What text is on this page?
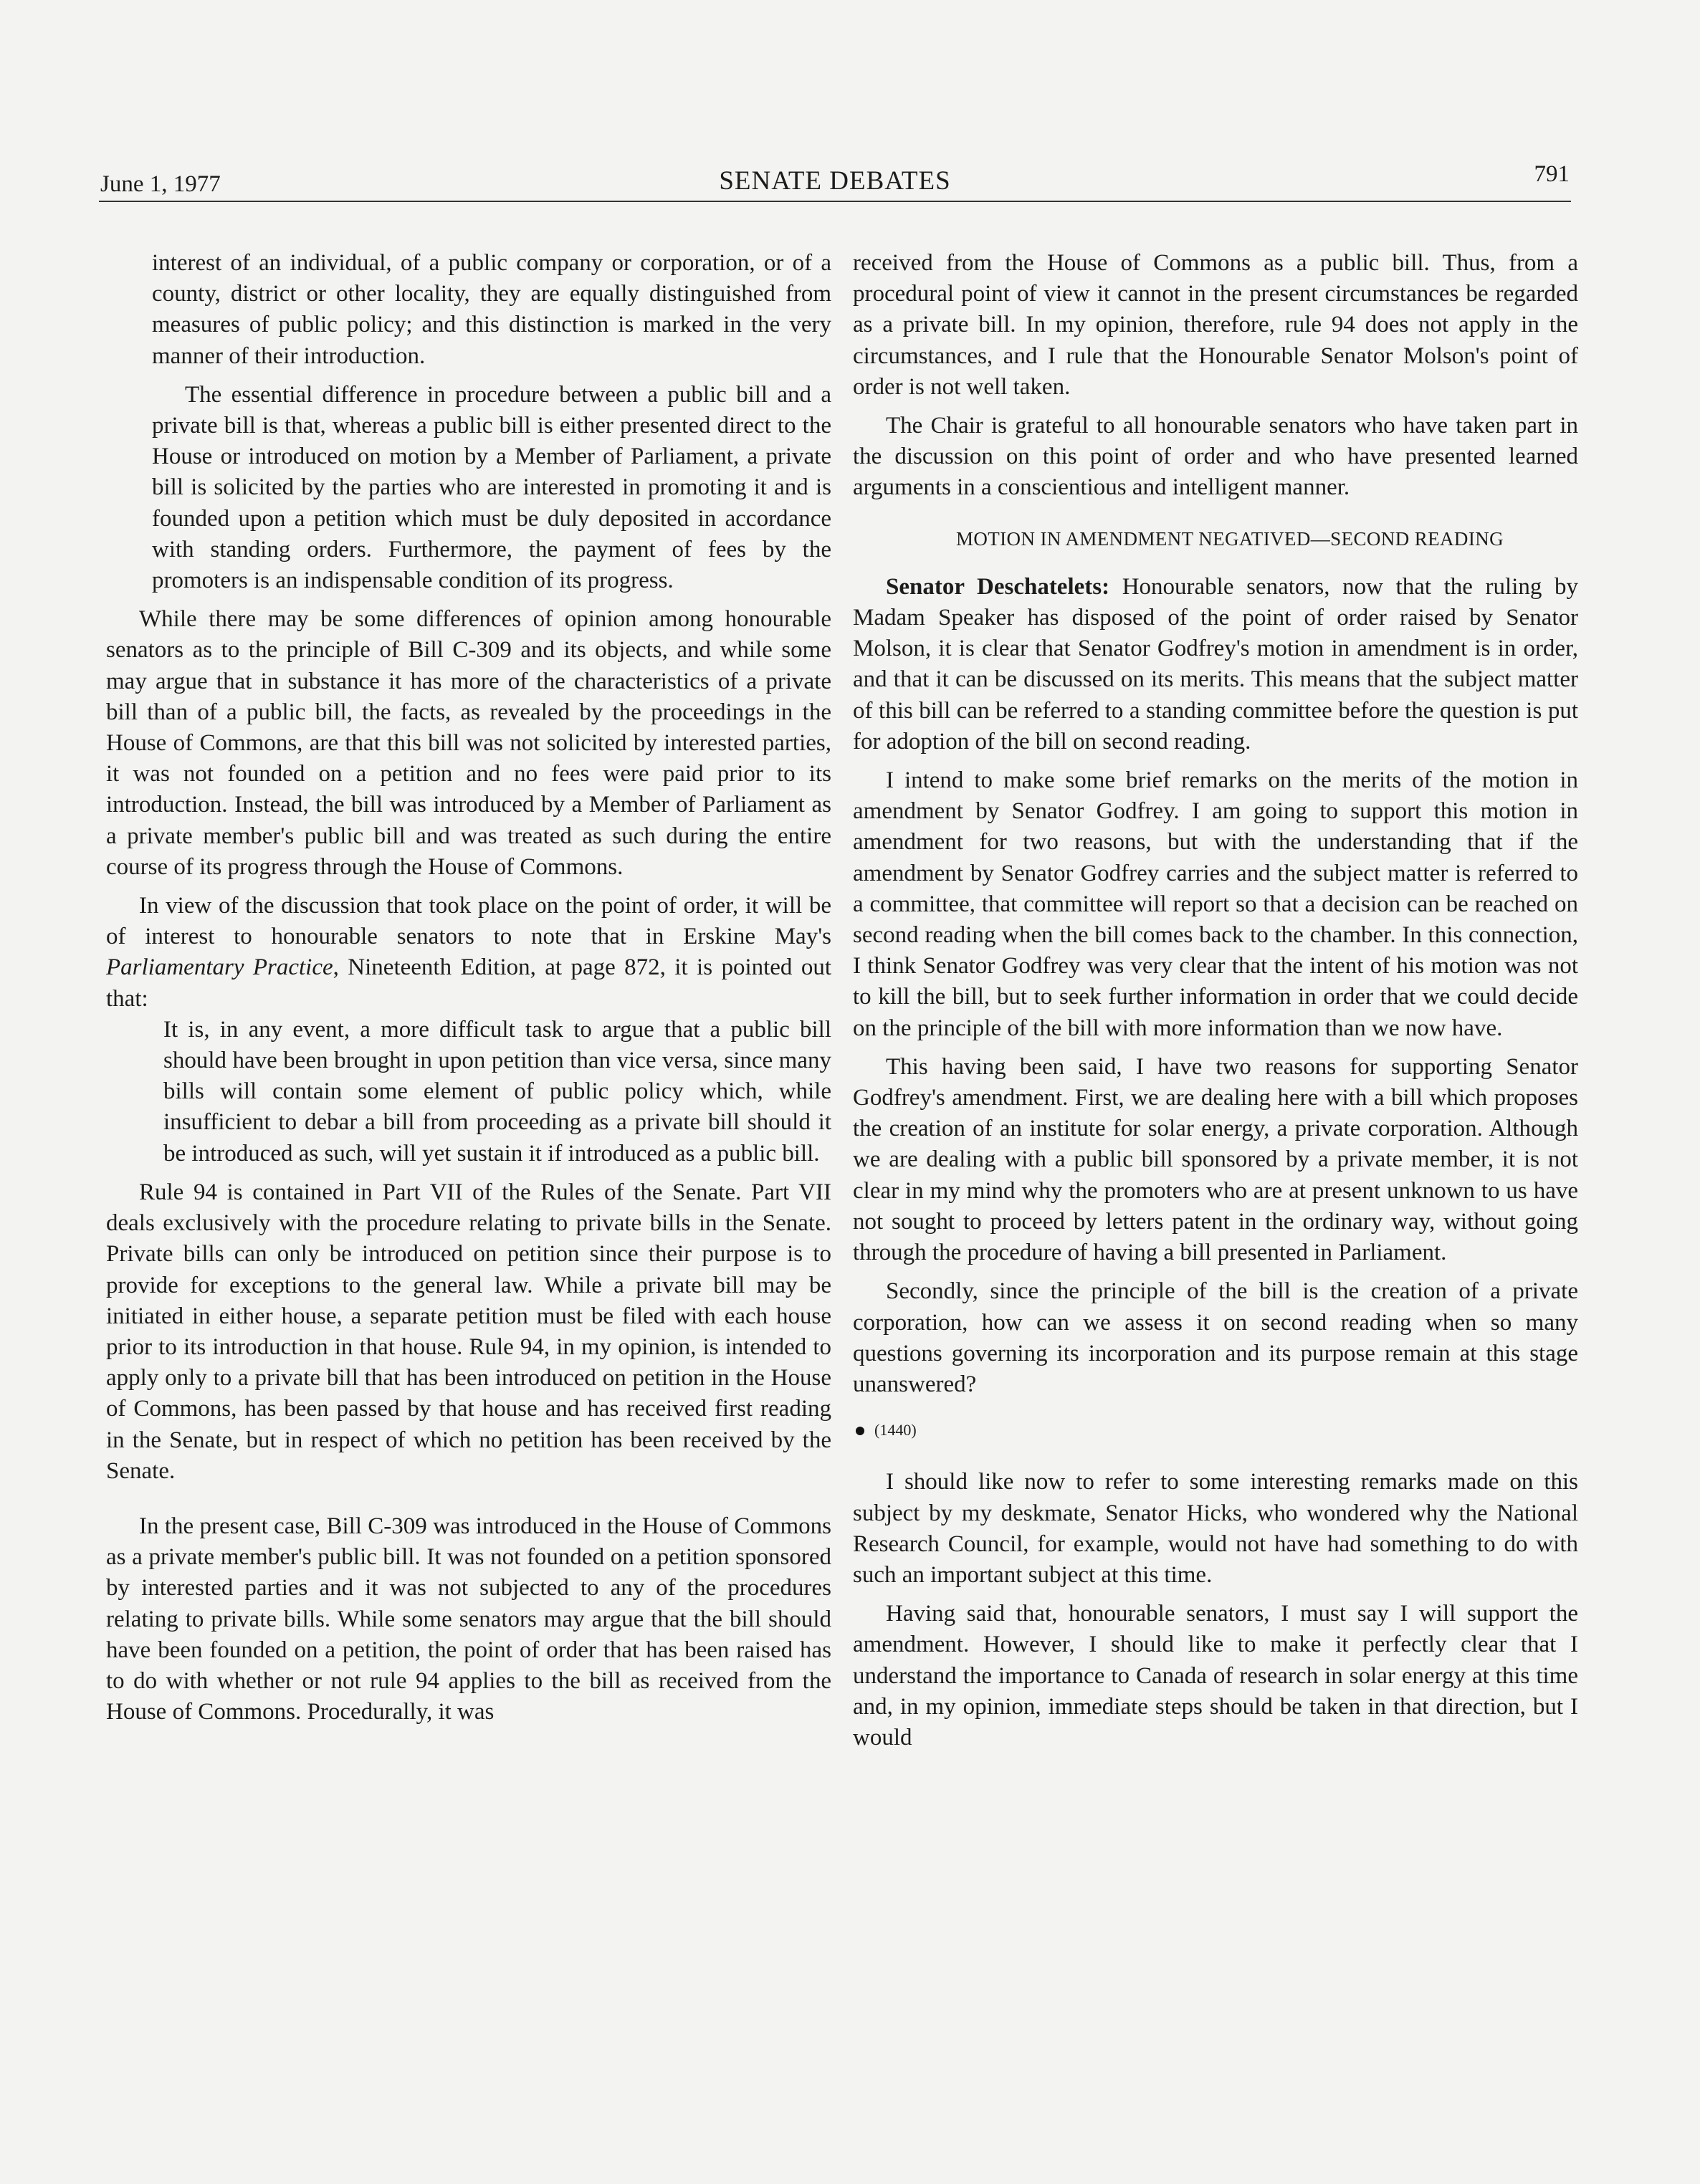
June 1, 1977	SENATE DEBATES	791

interest of an individual, of a public company or corporation, or of a county, district or other locality, they are equally distinguished from measures of public policy; and this distinction is marked in the very manner of their introduction.

The essential difference in procedure between a public bill and a private bill is that, whereas a public bill is either presented direct to the House or introduced on motion by a Member of Parliament, a private bill is solicited by the parties who are interested in promoting it and is founded upon a petition which must be duly deposited in accordance with standing orders. Furthermore, the payment of fees by the promoters is an indispensable condition of its progress.

While there may be some differences of opinion among honourable senators as to the principle of Bill C-309 and its objects, and while some may argue that in substance it has more of the characteristics of a private bill than of a public bill, the facts, as revealed by the proceedings in the House of Commons, are that this bill was not solicited by interested parties, it was not founded on a petition and no fees were paid prior to its introduction. Instead, the bill was introduced by a Member of Parliament as a private member's public bill and was treated as such during the entire course of its progress through the House of Commons.

In view of the discussion that took place on the point of order, it will be of interest to honourable senators to note that in Erskine May's Parliamentary Practice, Nineteenth Edition, at page 872, it is pointed out that:

It is, in any event, a more difficult task to argue that a public bill should have been brought in upon petition than vice versa, since many bills will contain some element of public policy which, while insufficient to debar a bill from proceeding as a private bill should it be introduced as such, will yet sustain it if introduced as a public bill.

Rule 94 is contained in Part VII of the Rules of the Senate. Part VII deals exclusively with the procedure relating to private bills in the Senate. Private bills can only be introduced on petition since their purpose is to provide for exceptions to the general law. While a private bill may be initiated in either house, a separate petition must be filed with each house prior to its introduction in that house. Rule 94, in my opinion, is intended to apply only to a private bill that has been introduced on petition in the House of Commons, has been passed by that house and has received first reading in the Senate, but in respect of which no petition has been received by the Senate.

In the present case, Bill C-309 was introduced in the House of Commons as a private member's public bill. It was not founded on a petition sponsored by interested parties and it was not subjected to any of the procedures relating to private bills. While some senators may argue that the bill should have been founded on a petition, the point of order that has been raised has to do with whether or not rule 94 applies to the bill as received from the House of Commons. Procedurally, it was

received from the House of Commons as a public bill. Thus, from a procedural point of view it cannot in the present circumstances be regarded as a private bill. In my opinion, therefore, rule 94 does not apply in the circumstances, and I rule that the Honourable Senator Molson's point of order is not well taken.

The Chair is grateful to all honourable senators who have taken part in the discussion on this point of order and who have presented learned arguments in a conscientious and intelligent manner.

MOTION IN AMENDMENT NEGATIVED—SECOND READING

Senator Deschatelets: Honourable senators, now that the ruling by Madam Speaker has disposed of the point of order raised by Senator Molson, it is clear that Senator Godfrey's motion in amendment is in order, and that it can be discussed on its merits. This means that the subject matter of this bill can be referred to a standing committee before the question is put for adoption of the bill on second reading.

I intend to make some brief remarks on the merits of the motion in amendment by Senator Godfrey. I am going to support this motion in amendment for two reasons, but with the understanding that if the amendment by Senator Godfrey carries and the subject matter is referred to a committee, that committee will report so that a decision can be reached on second reading when the bill comes back to the chamber. In this connection, I think Senator Godfrey was very clear that the intent of his motion was not to kill the bill, but to seek further information in order that we could decide on the principle of the bill with more information than we now have.

This having been said, I have two reasons for supporting Senator Godfrey's amendment. First, we are dealing here with a bill which proposes the creation of an institute for solar energy, a private corporation. Although we are dealing with a public bill sponsored by a private member, it is not clear in my mind why the promoters who are at present unknown to us have not sought to proceed by letters patent in the ordinary way, without going through the procedure of having a bill presented in Parliament.

Secondly, since the principle of the bill is the creation of a private corporation, how can we assess it on second reading when so many questions governing its incorporation and its purpose remain at this stage unanswered?

(1440)

I should like now to refer to some interesting remarks made on this subject by my deskmate, Senator Hicks, who wondered why the National Research Council, for example, would not have had something to do with such an important subject at this time.

Having said that, honourable senators, I must say I will support the amendment. However, I should like to make it perfectly clear that I understand the importance to Canada of research in solar energy at this time and, in my opinion, immediate steps should be taken in that direction, but I would
